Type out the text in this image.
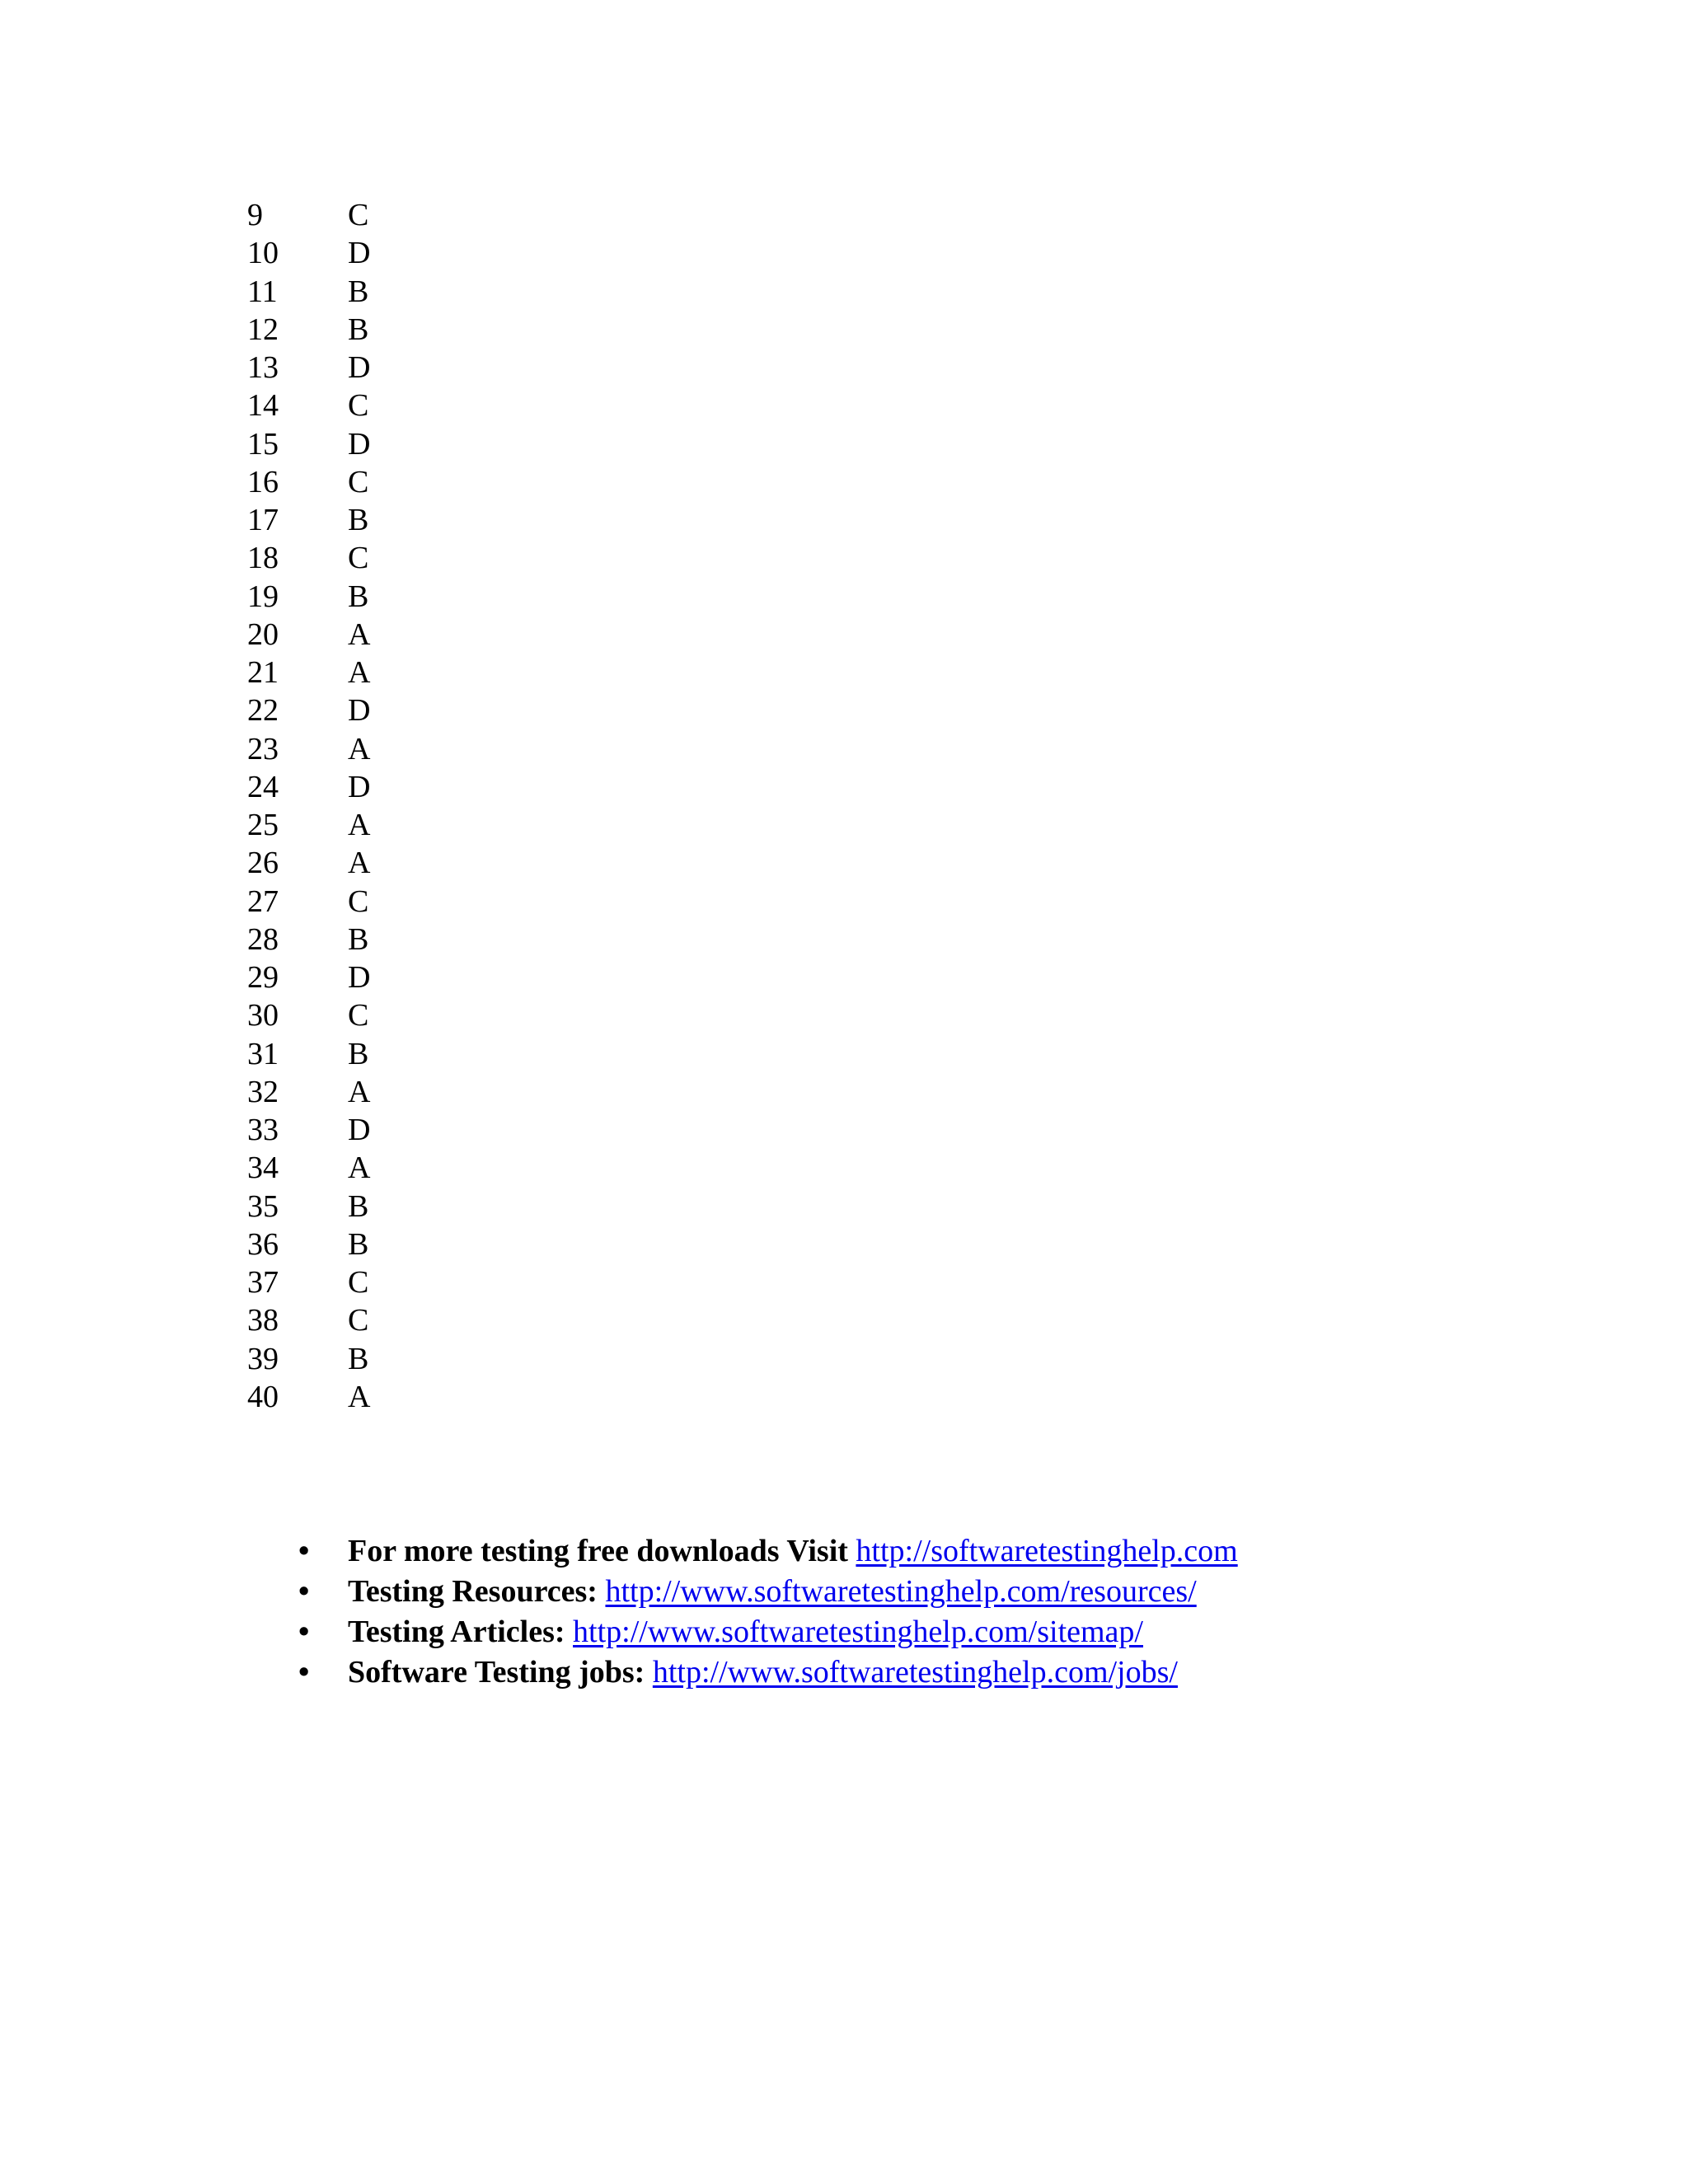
9	C
10	D
11	B
12	B
13	D
14	C
15	D
16	C
17	B
18	C
19	B
20	A
21	A
22	D
23	A
24	D
25	A
26	A
27	C
28	B
29	D
30	C
31	B
32	A
33	D
34	A
35	B
36	B
37	C
38	C
39	B
40	A
• For more testing free downloads Visit http://softwaretestinghelp.com
• Testing Resources: http://www.softwaretestinghelp.com/resources/
• Testing Articles: http://www.softwaretestinghelp.com/sitemap/
• Software Testing jobs: http://www.softwaretestinghelp.com/jobs/
